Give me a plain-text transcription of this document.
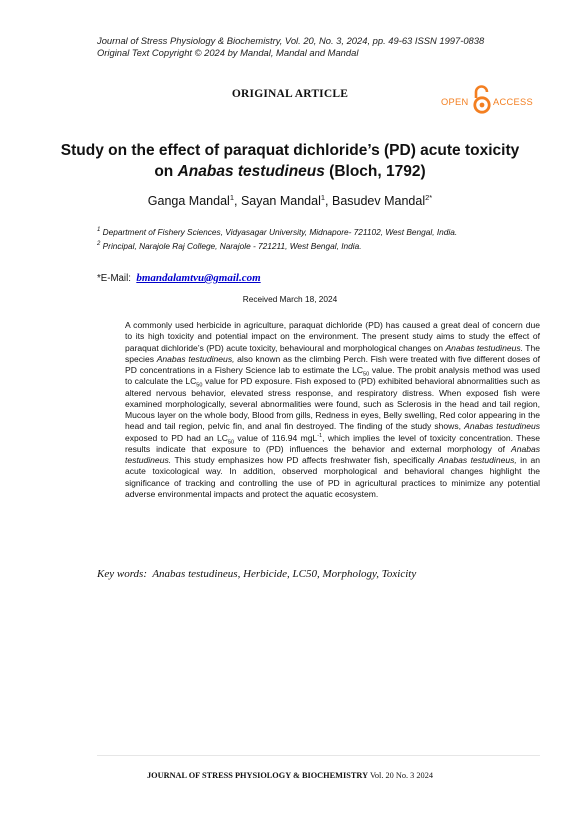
Journal of Stress Physiology & Biochemistry, Vol. 20, No. 3, 2024, pp. 49-63 ISSN 1997-0838
Original Text Copyright © 2024 by Mandal, Mandal and Mandal
ORIGINAL ARTICLE
OPEN	ACCESS
Study on the effect of paraquat dichloride’s (PD) acute toxicity on Anabas testudineus (Bloch, 1792)
Ganga Mandal$^1$, Sayan Mandal$^1$, Basudev Mandal$^{2*}$
$^1$ Department of Fishery Sciences, Vidyasagar University, Midnapore- 721102, West Bengal, India.
$^2$ Principal, Narajole Raj College, Narajole - 721211, West Bengal, India.
*E-Mail: bmandalamtvu@gmail.com
Received March 18, 2024
A commonly used herbicide in agriculture, paraquat dichloride (PD) has caused a great deal of concern due to its high toxicity and potential impact on the environment. The present study aims to study the effect of paraquat dichloride’s (PD) acute toxicity, behavioural and morphological changes on Anabas testudineus. The species Anabas testudineus, also known as the climbing Perch. Fish were treated with five different doses of PD concentrations in a Fishery Science lab to estimate the $LC_{50}$ value. The probit analysis method was used to calculate the $LC_{50}$ value for PD exposure. Fish exposed to (PD) exhibited behavioral abnormalities such as altered nervous behavior, elevated stress response, and respiratory distress. When exposed fish were examined morphologically, several abnormalities were found, such as Sclerosis in the head and tail region, Mucous layer on the whole body, Blood from gills, Redness in eyes, Belly swelling, Red color appearing in the head and tail region, pelvic fin, and anal fin destroyed. The finding of the study shows, Anabas testudineus exposed to PD had an $LC_{50}$ value of 116.94 mgL$^{-1}$, which implies the level of toxicity concentration. These results indicate that exposure to (PD) influences the behavior and external morphology of Anabas testudineus. This study emphasizes how PD affects freshwater fish, specifically Anabas testudineus, in an acute toxicological way. In addition, observed morphological and behavioral changes highlight the significance of tracking and controlling the use of PD in agricultural practices to minimize any potential adverse environmental impacts and protect the aquatic ecosystem.
Key words: Anabas testudineus, Herbicide, LC50, Morphology, Toxicity
JOURNAL OF STRESS PHYSIOLOGY & BIOCHEMISTRY Vol. 20 No. 3 2024
